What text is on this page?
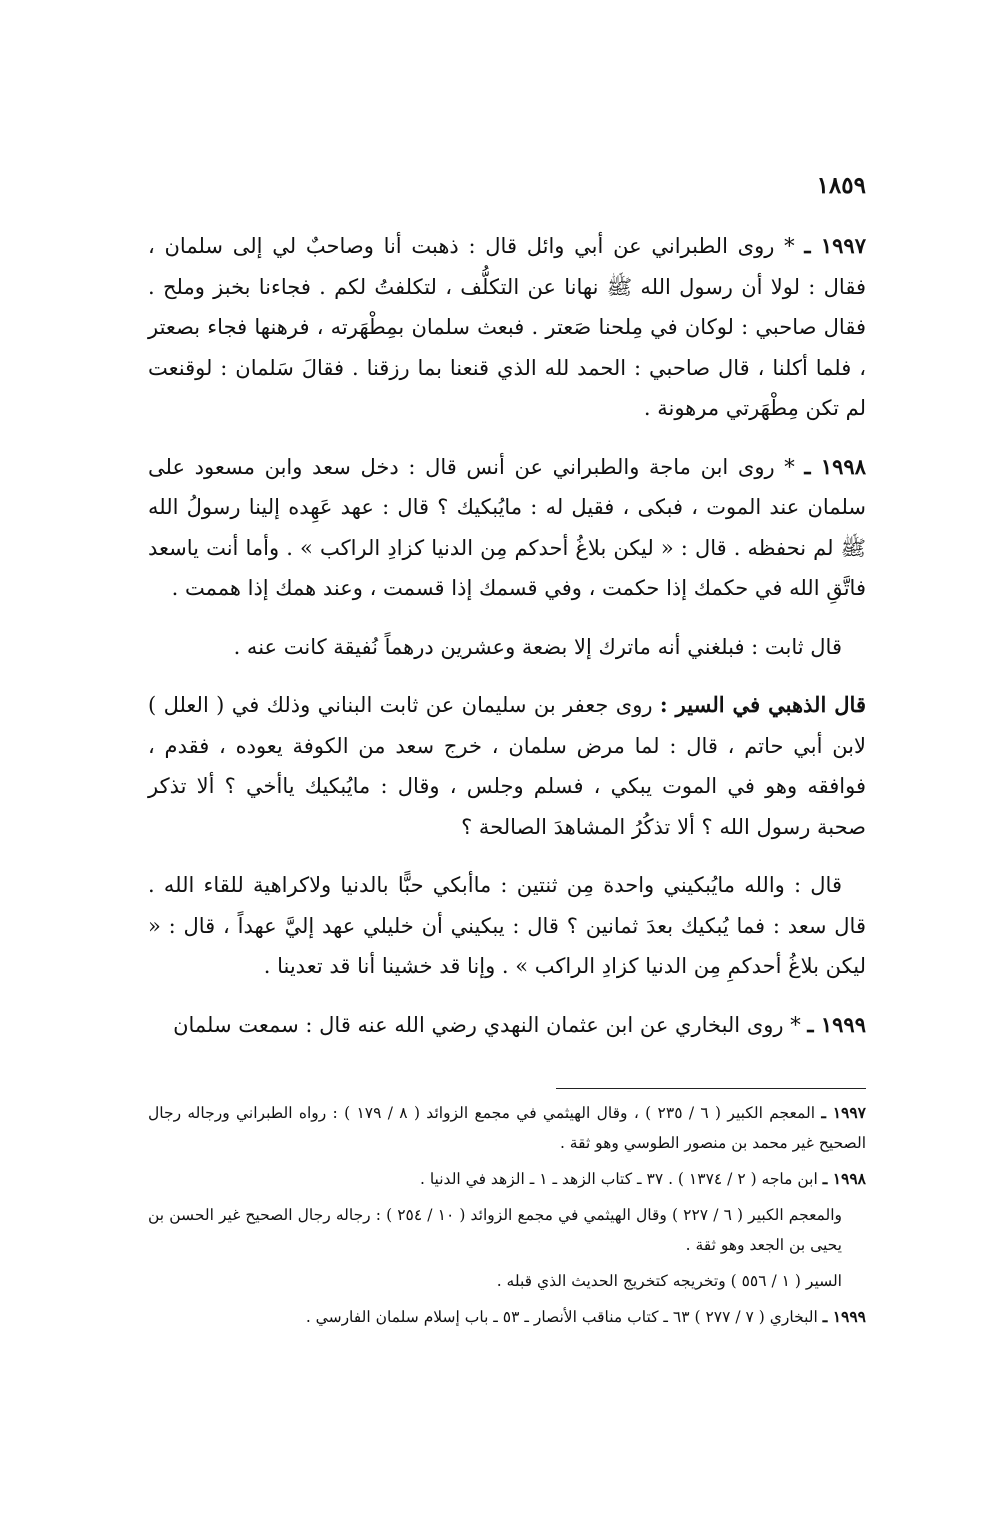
١٨٥٩

١٩٩٧ ـ * روى الطبراني عن أبي وائل قال : ذهبت أنا وصاحبٌ لي إلى سلمان ، فقال : لولا أن رسول الله ﷺ نهانا عن التكلُّف ، لتكلفتُ لكم . فجاءنا بخبز وملح . فقال صاحبي : لوكان في مِلحنا صَعتر . فبعث سلمان بمِطْهَرته ، فرهنها فجاء بصعتر ، فلما أكلنا ، قال صاحبي : الحمد لله الذي قنعنا بما رزقنا . فقالَ سَلمان : لوقنعت لم تكن مِطْهَرتي مرهونة .

١٩٩٨ ـ * روى ابن ماجة والطبراني عن أنس قال : دخل سعد وابن مسعود على سلمان عند الموت ، فبكى ، فقيل له : مايُبكيك ؟ قال : عهد عَهِده إلينا رسولُ الله ﷺ لم نحفظه . قال : « ليكن بلاغُ أحدكم مِن الدنيا كزادِ الراكب » . وأما أنت ياسعد فاتَّقِ الله في حكمك إذا حكمت ، وفي قسمك إذا قسمت ، وعند همك إذا هممت .

قال ثابت : فبلغني أنه ماترك إلا بضعة وعشرين درهماً نُفيقة كانت عنه .

قال الذهبي في السير : روى جعفر بن سليمان عن ثابت البناني وذلك في ( العلل ) لابن أبي حاتم ، قال : لما مرض سلمان ، خرج سعد من الكوفة يعوده ، فقدم ، فوافقه وهو في الموت يبكي ، فسلم وجلس ، وقال : مايُبكيك ياأخي ؟ ألا تذكر صحبة رسول الله ؟ ألا تذكُرُ المشاهدَ الصالحة ؟

قال : والله مايُبكيني واحدة مِن ثنتين : ماأبكي حبًّا بالدنيا ولاكراهية للقاء الله . قال سعد : فما يُبكيك بعدَ ثمانين ؟ قال : يبكيني أن خليلي عهد إليَّ عهداً ، قال : « ليكن بلاغُ أحدكمِ مِن الدنيا كزادِ الراكب » . وإنا قد خشينا أنا قد تعدينا .

١٩٩٩ ـ * روى البخاري عن ابن عثمان النهدي رضي الله عنه قال : سمعت سلمان

١٩٩٧ ـ المعجم الكبير ( ٦ / ٢٣٥ ) ، وقال الهيثمي في مجمع الزوائد ( ٨ / ١٧٩ ) : رواه الطبراني ورجاله رجال الصحيح غير محمد بن منصور الطوسي وهو ثقة .

١٩٩٨ ـ ابن ماجه ( ٢ / ١٣٧٤ ) . ٣٧ ـ كتاب الزهد ـ ١ ـ الزهد في الدنيا .

والمعجم الكبير ( ٦ / ٢٢٧ ) وقال الهيثمي في مجمع الزوائد ( ١٠ / ٢٥٤ ) : رجاله رجال الصحيح غير الحسن بن يحيى بن الجعد وهو ثقة .

السير ( ١ / ٥٥٦ ) وتخريجه كتخريج الحديث الذي قبله .

١٩٩٩ ـ البخاري ( ٧ / ٢٧٧ ) ٦٣ ـ كتاب مناقب الأنصار ـ ٥٣ ـ باب إسلام سلمان الفارسي .
